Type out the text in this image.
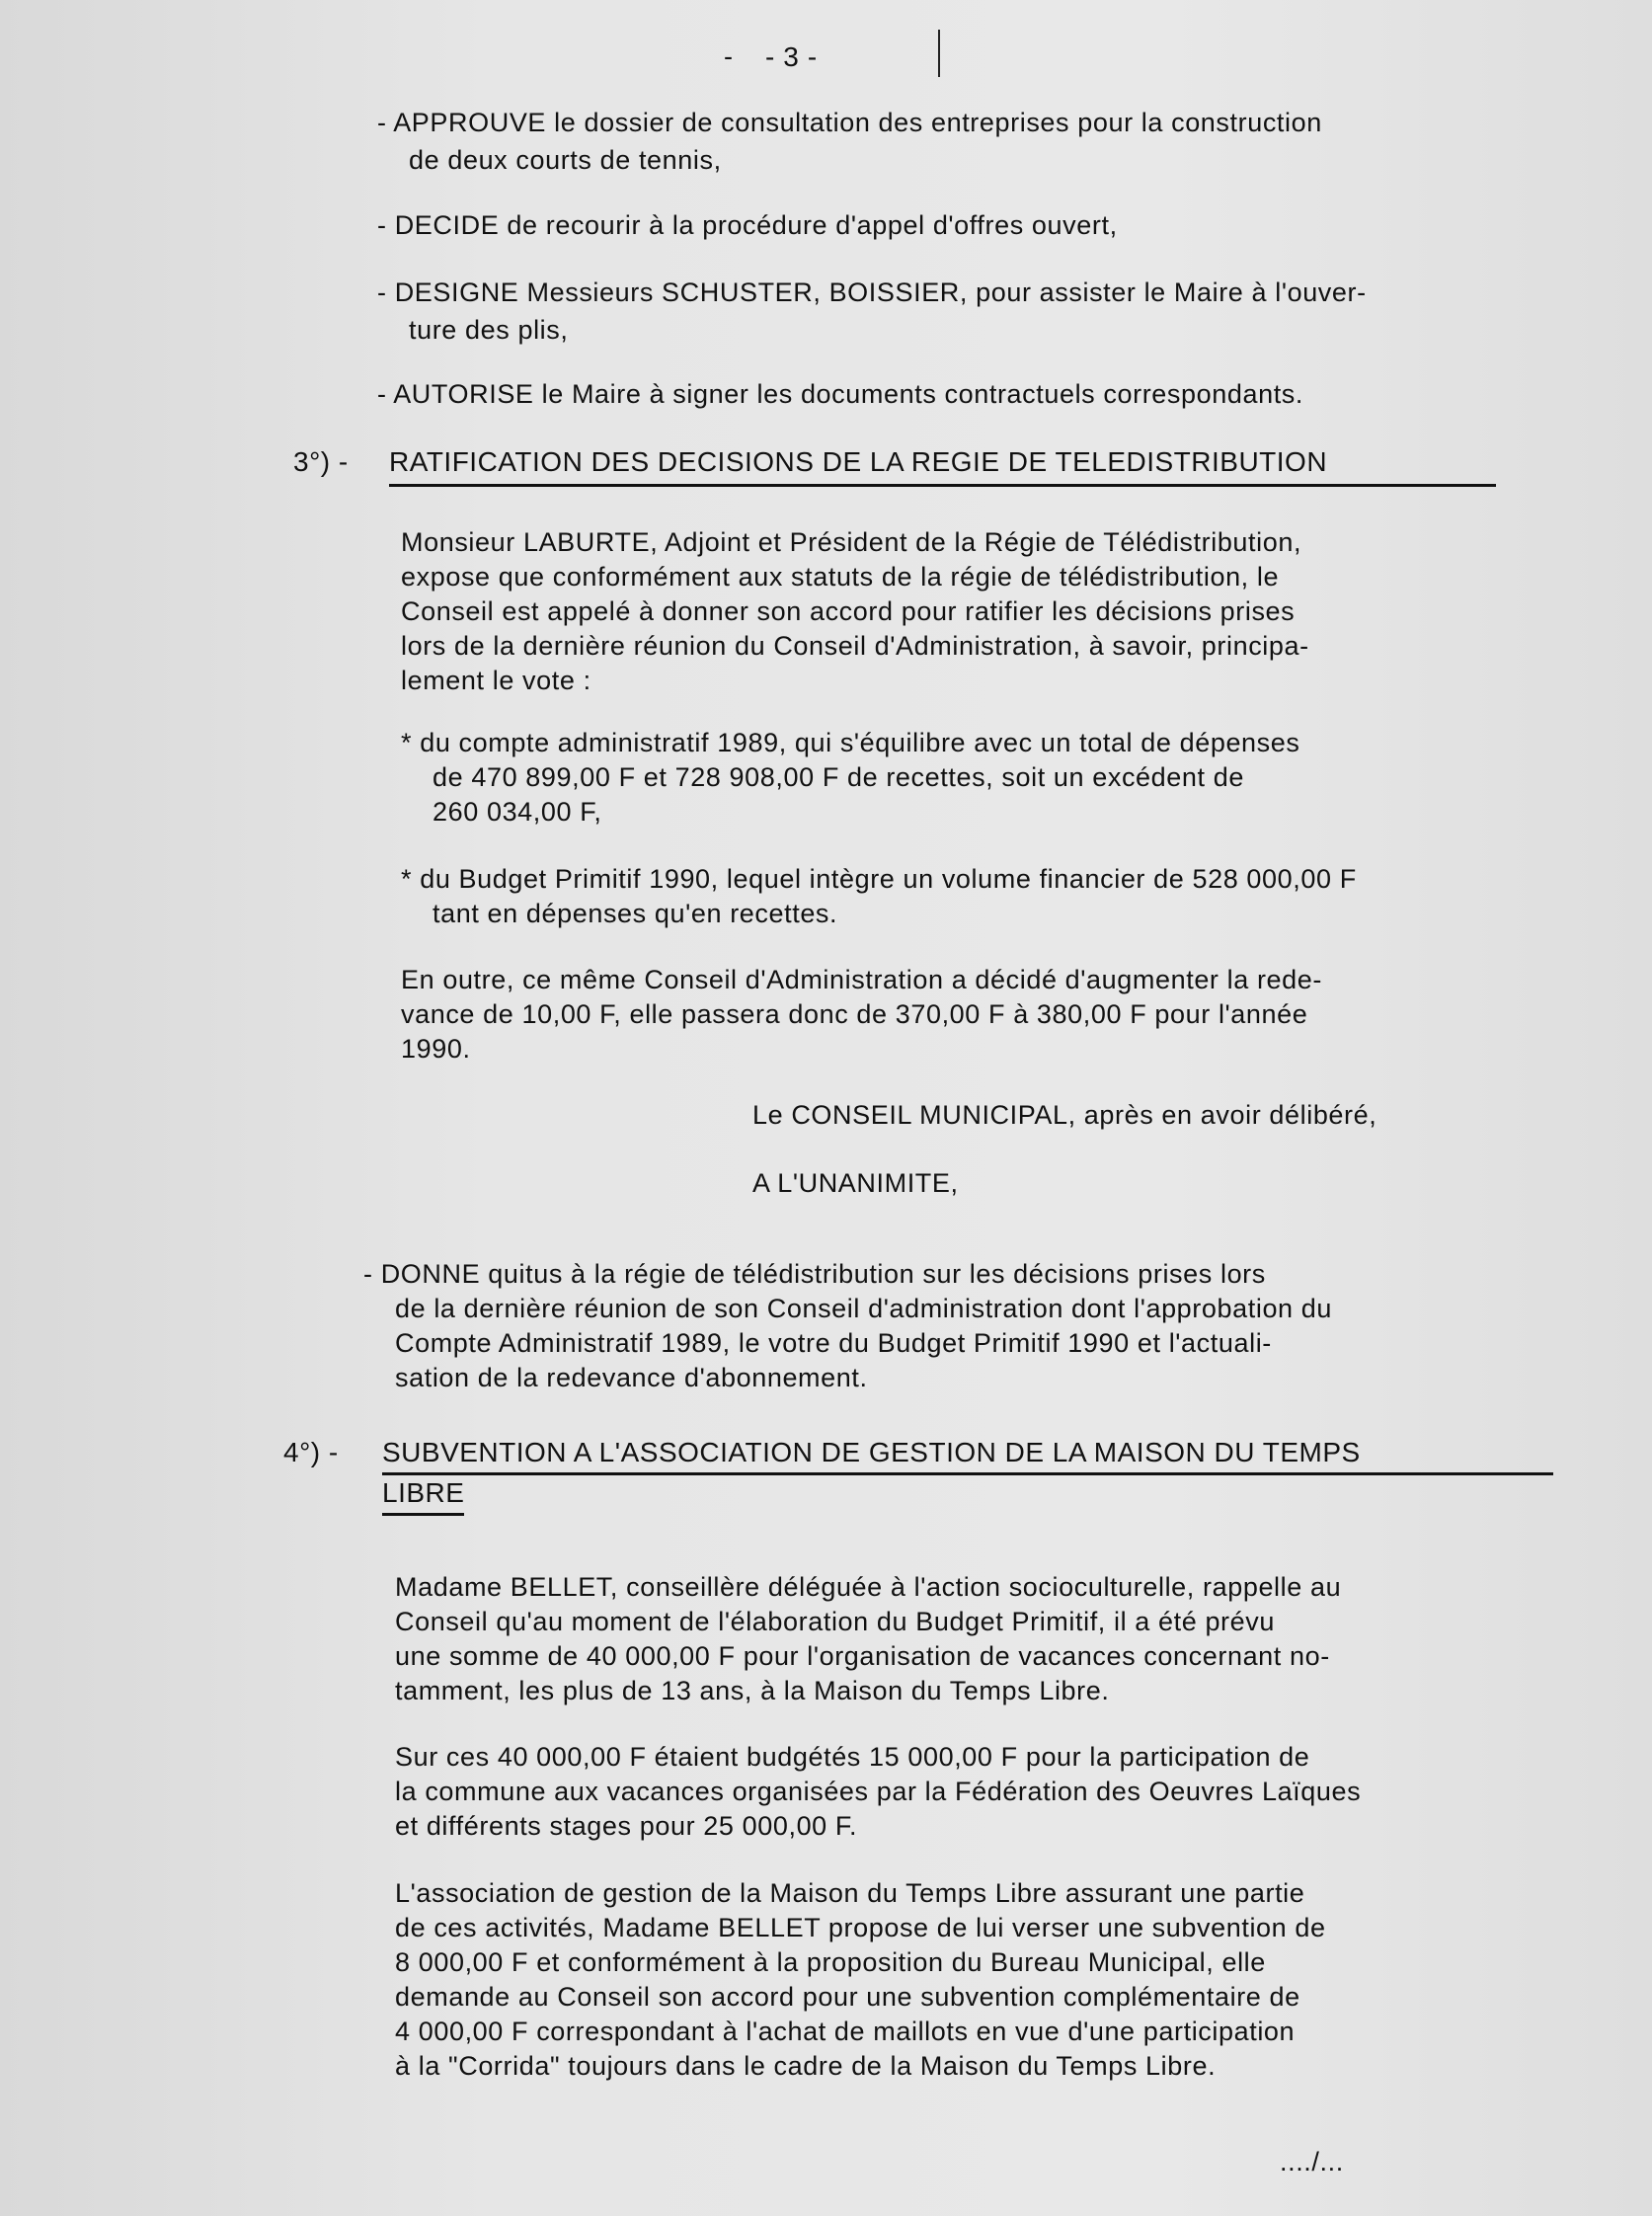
- - 3 -
- APPROUVE le dossier de consultation des entreprises pour la construction
de deux courts de tennis,
- DECIDE de recourir à la procédure d'appel d'offres ouvert,
- DESIGNE Messieurs SCHUSTER, BOISSIER, pour assister le Maire à l'ouver-
ture des plis,
- AUTORISE le Maire à signer les documents contractuels correspondants.
3°) - RATIFICATION DES DECISIONS DE LA REGIE DE TELEDISTRIBUTION
Monsieur LABURTE, Adjoint et Président de la Régie de Télédistribution,
expose que conformément aux statuts de la régie de télédistribution, le
Conseil est appelé à donner son accord pour ratifier les décisions prises
lors de la dernière réunion du Conseil d'Administration, à savoir, principa-
lement le vote :
* du compte administratif 1989, qui s'équilibre avec un total de dépenses
de 470 899,00 F et 728 908,00 F de recettes, soit un excédent de
260 034,00 F,
* du Budget Primitif 1990, lequel intègre un volume financier de 528 000,00 F
tant en dépenses qu'en recettes.
En outre, ce même Conseil d'Administration a décidé d'augmenter la rede-
vance de 10,00 F, elle passera donc de 370,00 F à 380,00 F pour l'année
1990.
Le CONSEIL MUNICIPAL, après en avoir délibéré,
A L'UNANIMITE,
- DONNE quitus à la régie de télédistribution sur les décisions prises lors
de la dernière réunion de son Conseil d'administration dont l'approbation du
Compte Administratif 1989, le votre du Budget Primitif 1990 et l'actuali-
sation de la redevance d'abonnement.
4°) - SUBVENTION A L'ASSOCIATION DE GESTION DE LA MAISON DU TEMPS
LIBRE
Madame BELLET, conseillère déléguée à l'action socioculturelle, rappelle au
Conseil qu'au moment de l'élaboration du Budget Primitif, il a été prévu
une somme de 40 000,00 F pour l'organisation de vacances concernant no-
tamment, les plus de 13 ans, à la Maison du Temps Libre.
Sur ces 40 000,00 F étaient budgétés 15 000,00 F pour la participation de
la commune aux vacances organisées par la Fédération des Oeuvres Laïques
et différents stages pour 25 000,00 F.
L'association de gestion de la Maison du Temps Libre assurant une partie
de ces activités, Madame BELLET propose de lui verser une subvention de
8 000,00 F et conformément à la proposition du Bureau Municipal, elle
demande au Conseil son accord pour une subvention complémentaire de
4 000,00 F correspondant à l'achat de maillots en vue d'une participation
à la "Corrida" toujours dans le cadre de la Maison du Temps Libre.
..../...
